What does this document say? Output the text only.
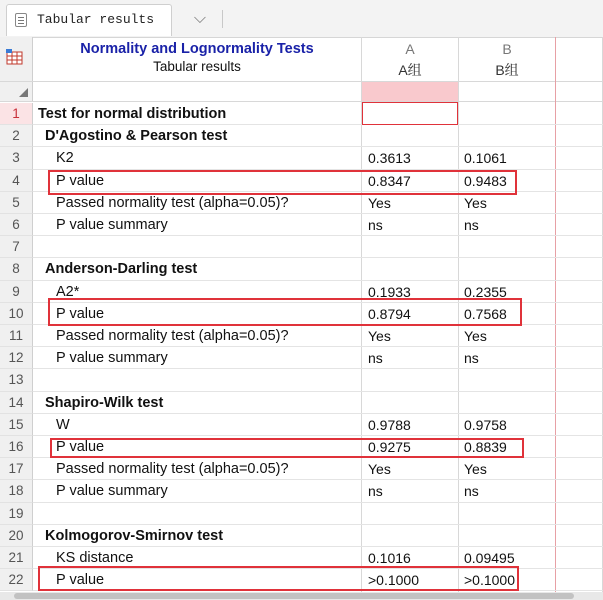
Tabular results	⌵
Normality and Lognormality Tests
Tabular results
A
A组
B
B组
1	Test for normal distribution
2	D'Agostino & Pearson test
3	K2	0.3613	0.1061
4	P value	0.8347	0.9483
5	Passed normality test (alpha=0.05)?	Yes	Yes
6	P value summary	ns	ns
7
8	Anderson-Darling test
9	A2*	0.1933	0.2355
10	P value	0.8794	0.7568
11	Passed normality test (alpha=0.05)?	Yes	Yes
12	P value summary	ns	ns
13
14	Shapiro-Wilk test
15	W	0.9788	0.9758
16	P value	0.9275	0.8839
17	Passed normality test (alpha=0.05)?	Yes	Yes
18	P value summary	ns	ns
19
20	Kolmogorov-Smirnov test
21	KS distance	0.1016	0.09495
22	P value	>0.1000	>0.1000
